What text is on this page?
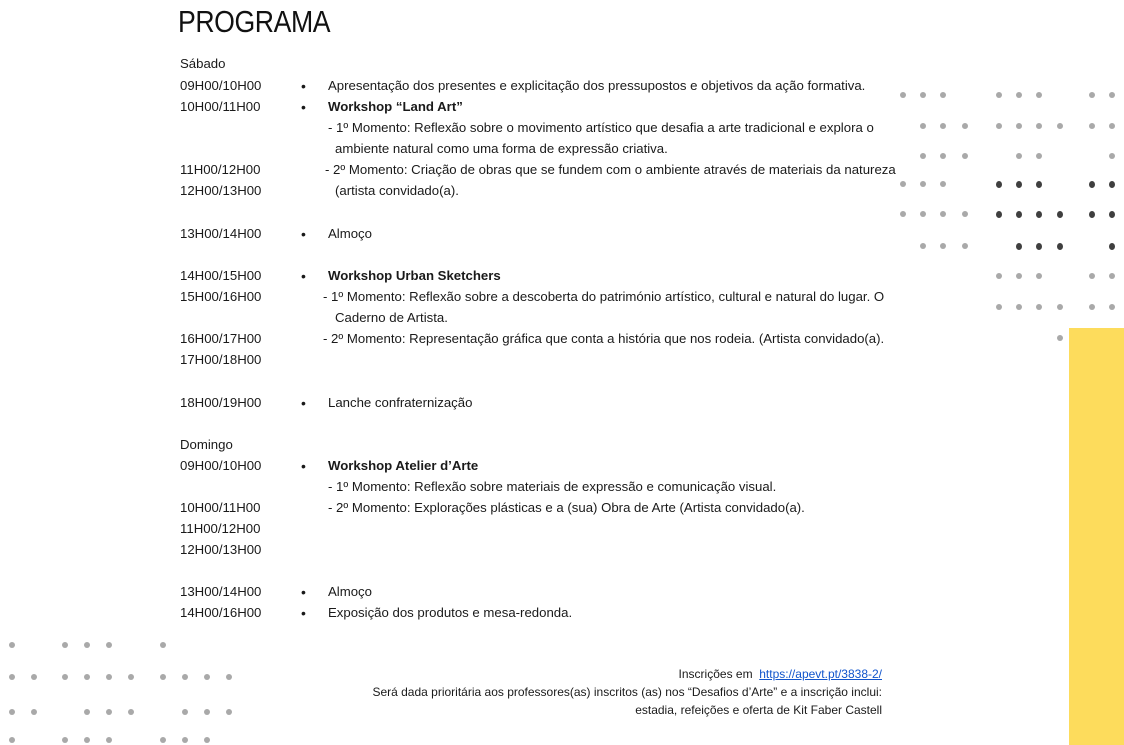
PROGRAMA
Sábado
09H00/10H00
10H00/11H00
11H00/12H00
12H00/13H00
13H00/14H00
14H00/15H00
15H00/16H00
16H00/17H00
17H00/18H00
18H00/19H00
• Apresentação dos presentes e explicitação dos pressupostos e objetivos da ação formativa.
• Workshop “Land Art”
- 1º Momento: Reflexão sobre o movimento artístico que desafia a arte tradicional e explora o
ambiente natural como uma forma de expressão criativa.
- 2º Momento: Criação de obras que se fundem com o ambiente através de materiais da natureza
(artista convidado(a).
• Almoço
• Workshop Urban Sketchers
- 1º Momento: Reflexão sobre a descoberta do património artístico, cultural e natural do lugar. O
Caderno de Artista.
- 2º Momento: Representação gráfica que conta a história que nos rodeia. (Artista convidado(a).
• Lanche confraternização
Domingo
09H00/10H00
10H00/11H00
11H00/12H00
12H00/13H00
13H00/14H00
14H00/16H00
• Workshop Atelier d’Arte
- 1º Momento: Reflexão sobre materiais de expressão e comunicação visual.
- 2º Momento: Explorações plásticas e a (sua) Obra de Arte (Artista convidado(a).
• Almoço
• Exposição dos produtos e mesa-redonda.
Inscrições em https://apevt.pt/3838-2/
Será dada prioritária aos professores(as) inscritos (as) nos “Desafios d’Arte” e a inscrição inclui:
estadia, refeições e oferta de Kit Faber Castell
